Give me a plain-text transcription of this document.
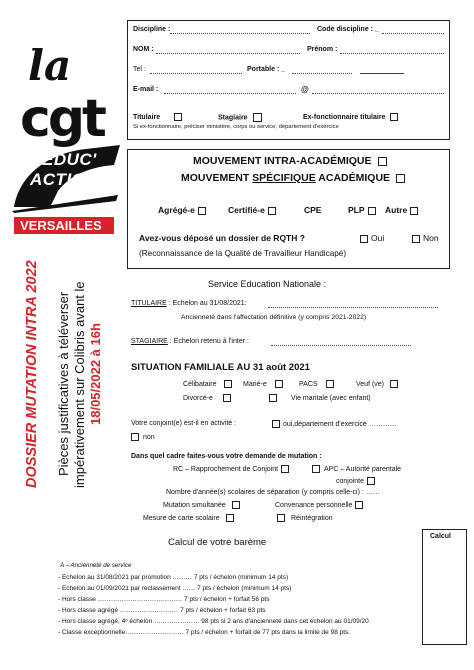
la
cgt
ÉDUC'
ACTION
VERSAILLES
DOSSIER MUTATION INTRA 2022 Pièces justificatives à téléverser impérativement sur Colibris avant le 18/05/2022 à 16h
Discipline :	Code discipline : _
NOM :	Prénom :
Tel :	Portable : _
E-mail :	@
Titulaire	Stagiaire	Ex-fonctionnaire titulaire
Si ex-fonctionnaire, préciser ministère, corps ou service, département d'exercice
MOUVEMENT INTRA-ACADÉMIQUE
MOUVEMENT SPÉCIFIQUE ACADÉMIQUE
Agrégé-e	Certifié-e	CPE	PLP	Autre
Avez-vous déposé un dossier de RQTH ?	Oui	Non
(Reconnaissance de la Qualité de Travailleur Handicapé)
Service Education Nationale :
TITULAIRE : Echelon au 31/08/2021:
Ancienneté dans l'affectation définitive (y compris 2021-2022)
STAGIAIRE : Echelon retenu à l'inter :
SITUATION FAMILIALE AU 31 août 2021
Célibataire	Marié-e	PACS	Veuf (ve)
Divorcé-e	Vie maritale (avec enfant)
Votre conjoint(e) est-il en activité :	oui,département d'exercice …………
non
Dans quel cadre faites-vous votre demande de mutation :
RC – Rapprochement de Conjoint	APC – Autorité parentale
conjointe
Nombre d'année(s) scolaires de séparation (y compris celle-ci) : ……
Mutation simultanée	Convenance personnelle
Mesure de carte scolaire	Réintégration
Calcul
Calcul de votre barème
A – Ancienneté de service
- Echelon au 31/08/2021 par promotion ……… 7 pts / échelon (minimum 14 pts)
- Echelon au 01/09/2021 par reclassement …… 7 pts / échelon (minimum 14 pts)
- Hors classe ………………………………… 7 pts / échelon + forfait 56 pts
- Hors classe agrégé ……………………… 7 pts / échelon + forfait 63 pts
- Hors classe agrégé, 4ᵉ échelon ………………… 98 pts si 2 ans d'ancienneté dans cet échelon au 01/09/20
- Classe exceptionnelle……………………… 7 pts / échelon + forfait de 77 pts dans la limite de 98 pts.
